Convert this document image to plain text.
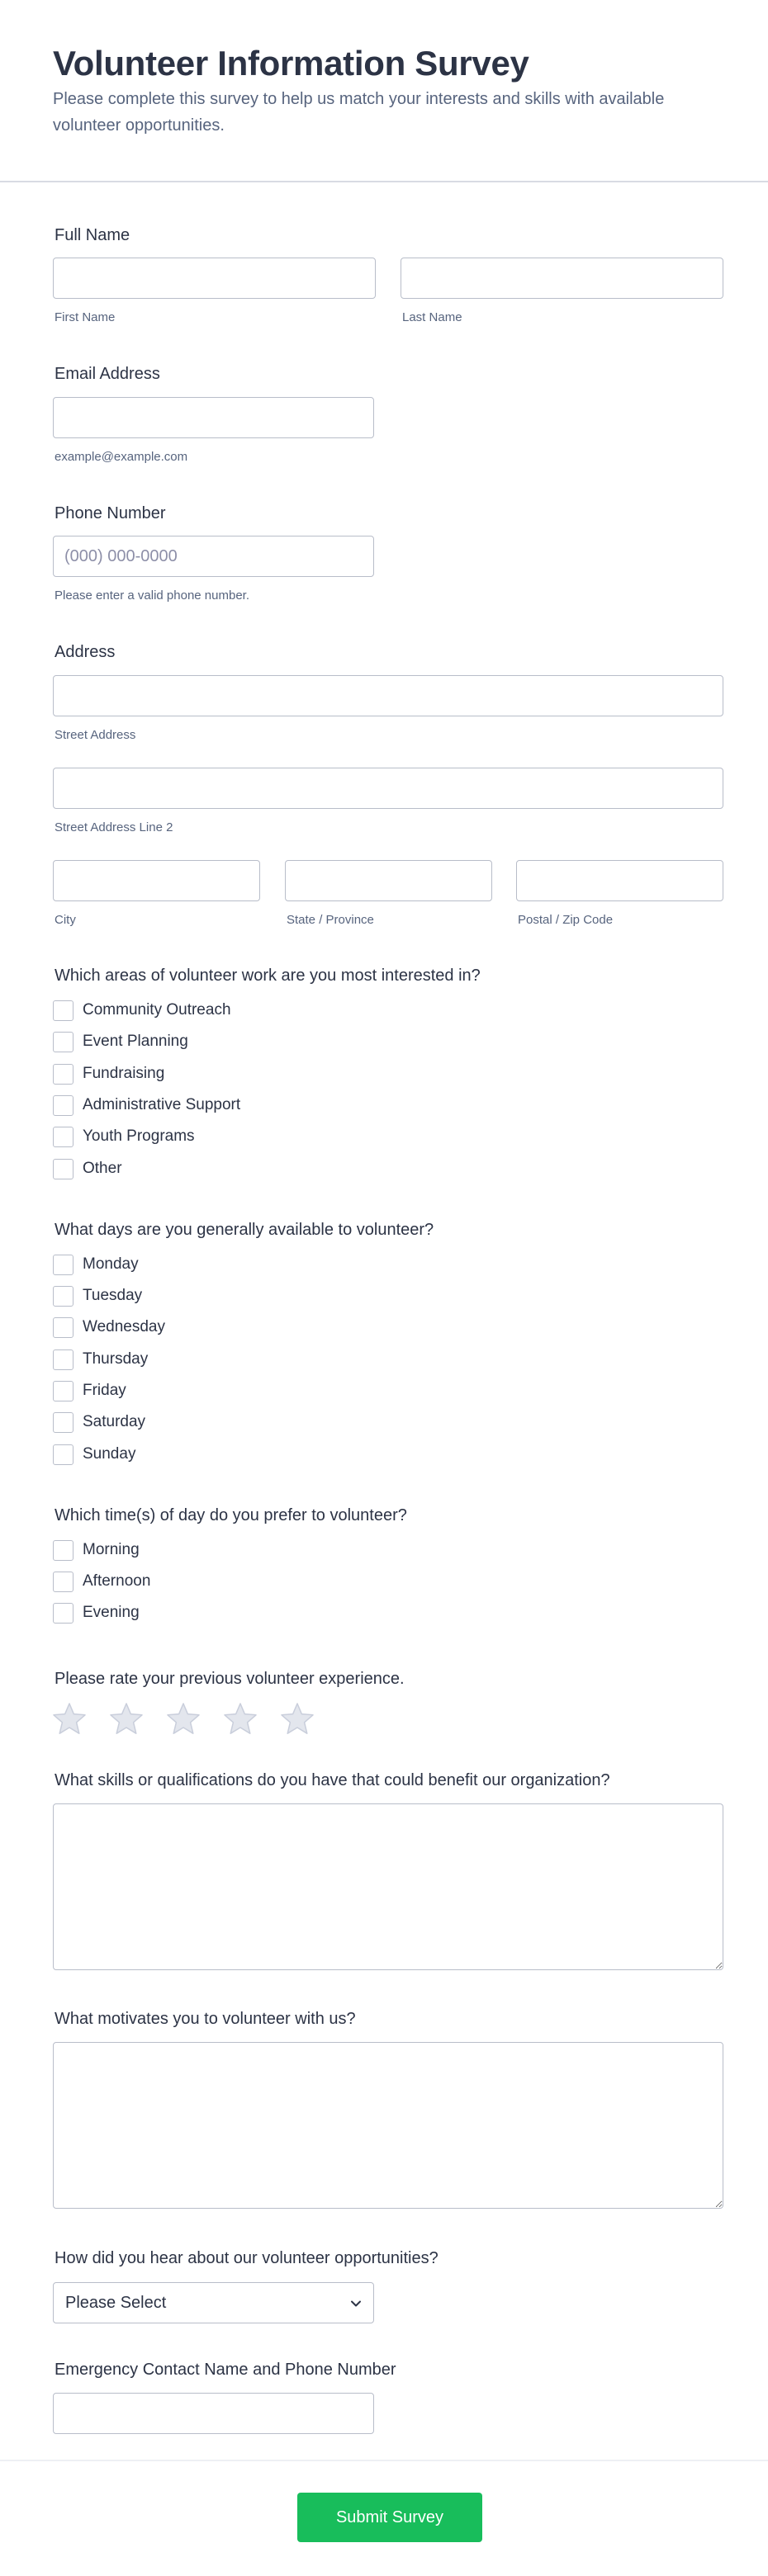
Volunteer Information Survey

Please complete this survey to help us match your interests and skills with available volunteer opportunities.

Full Name
First Name	Last Name
Email Address
example@example.com
Phone Number
(000) 000-0000
Please enter a valid phone number.
Address
Street Address
Street Address Line 2
City	State / Province	Postal / Zip Code
Which areas of volunteer work are you most interested in?
Community Outreach
Event Planning
Fundraising
Administrative Support
Youth Programs
Other
What days are you generally available to volunteer?
Monday
Tuesday
Wednesday
Thursday
Friday
Saturday
Sunday
Which time(s) of day do you prefer to volunteer?
Morning
Afternoon
Evening
Please rate your previous volunteer experience.
What skills or qualifications do you have that could benefit our organization?
What motivates you to volunteer with us?
How did you hear about our volunteer opportunities?
Please Select
Emergency Contact Name and Phone Number
Submit Survey
